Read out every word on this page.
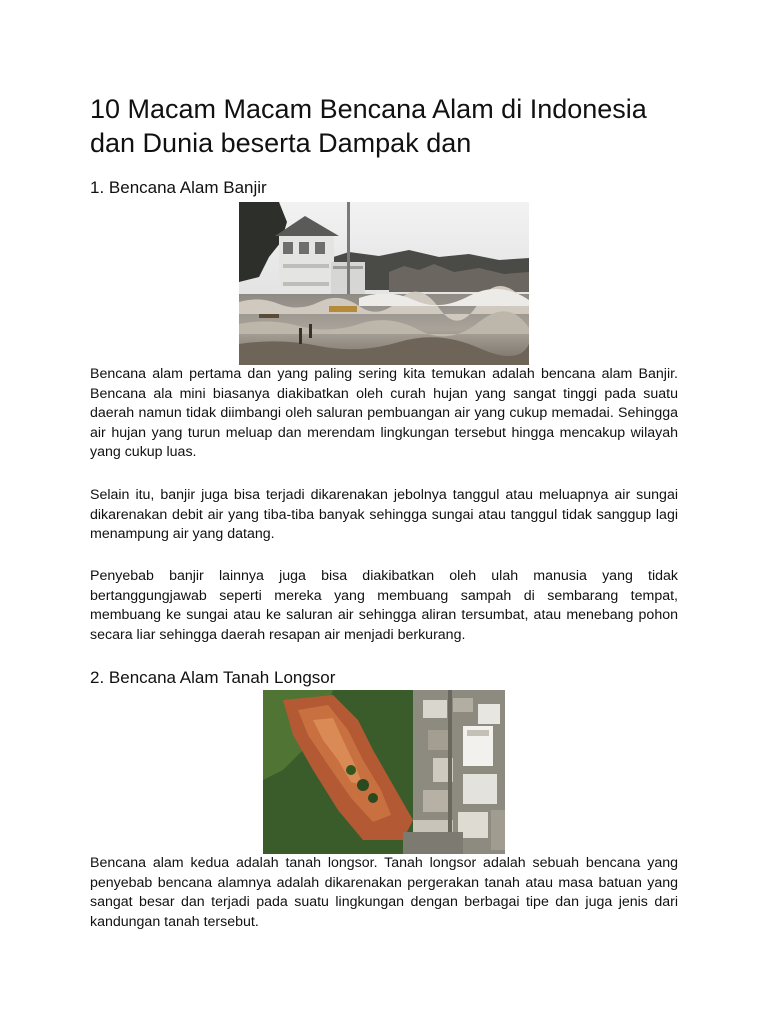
10 Macam Macam Bencana Alam di Indonesia dan Dunia beserta Dampak dan
1. Bencana Alam Banjir

Bencana alam pertama dan yang paling sering kita temukan adalah bencana alam Banjir. Bencana ala mini biasanya diakibatkan oleh curah hujan yang sangat tinggi pada suatu daerah namun tidak diimbangi oleh saluran pembuangan air yang cukup memadai. Sehingga air hujan yang turun meluap dan merendam lingkungan tersebut hingga mencakup wilayah yang cukup luas.

Selain itu, banjir juga bisa terjadi dikarenakan jebolnya tanggul atau meluapnya air sungai dikarenakan debit air yang tiba-tiba banyak sehingga sungai atau tanggul tidak sanggup lagi menampung air yang datang.

Penyebab banjir lainnya juga bisa diakibatkan oleh ulah manusia yang tidak bertanggungjawab seperti mereka yang membuang sampah di sembarang tempat, membuang ke sungai atau ke saluran air sehingga aliran tersumbat, atau menebang pohon secara liar sehingga daerah resapan air menjadi berkurang.

2. Bencana Alam Tanah Longsor

Bencana alam kedua adalah tanah longsor. Tanah longsor adalah sebuah bencana yang penyebab bencana alamnya adalah dikarenakan pergerakan tanah atau masa batuan yang sangat besar dan terjadi pada suatu lingkungan dengan berbagai tipe dan juga jenis dari kandungan tanah tersebut.
